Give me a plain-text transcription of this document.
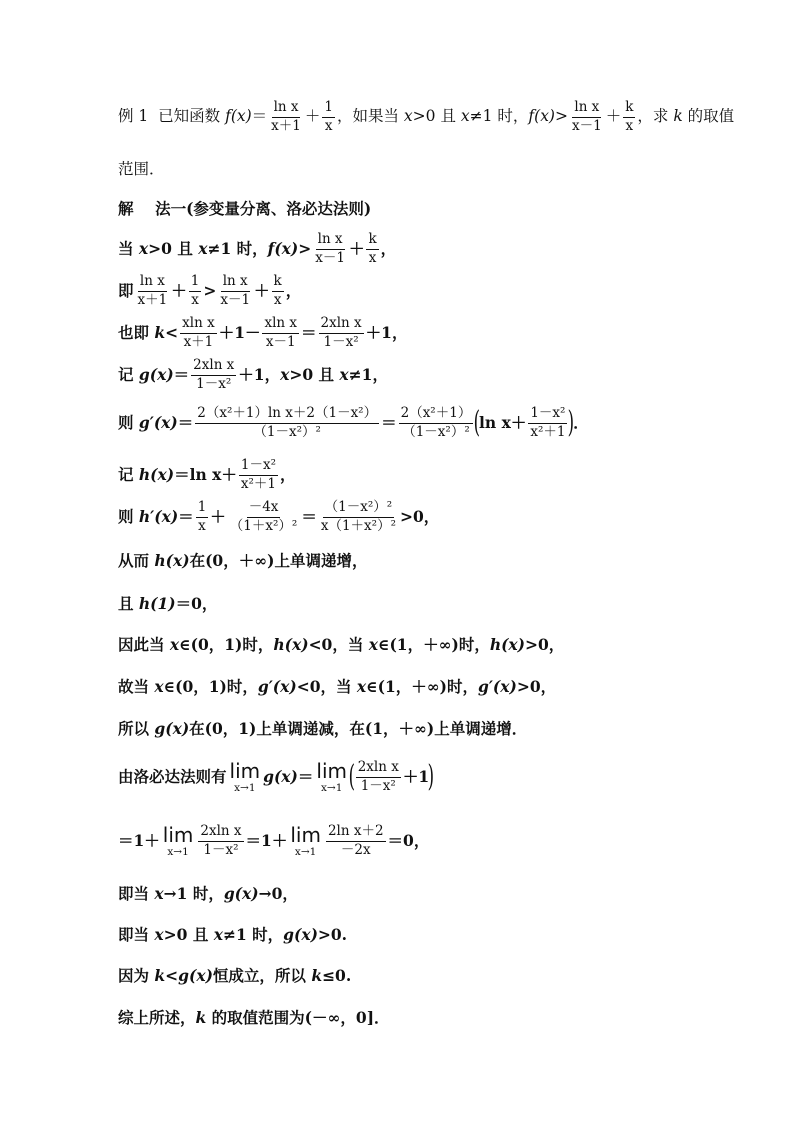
例 1  已知函数 $f(x) = \frac{\text{ln x}}{x+1} + \frac{1}{x}$ ，如果当 x >0 且 x ≠1 时， $f(x) > \frac{\text{ln x}}{x-1} + \frac{k}{x}$ ，求 k 的取值
范围．
解    法一(参变量分离、洛必达法则)
当 x >0 且 x ≠1 时， $f(x) > \frac{\text{ln x}}{x-1} + \frac{k}{x}$ ，
即 $\frac{\text{ln x}}{x+1} + \frac{1}{x} > \frac{\text{ln x}}{x-1} + \frac{k}{x}$ ，
也即 $k < \frac{\text{xln x}}{x+1} +1- \frac{\text{xln x}}{x-1} = \frac{\text{2xln x}}{\text{1－x²}} +1$，
记 $g(x) = \frac{\text{2xln x}}{\text{1－x²}} +1$， x >0 且 x ≠1，
则 $g'(x) = \frac{\text{2（x²＋1）ln x＋2（1－x²）}}{\text{（1－x²）²}} = \frac{\text{2（x²＋1）}}{\text{（1－x²）²}}$ (
$\ln x+ \frac{\text{1－x²}}{\text{x²＋1}}$ )
．
记 h(x) ＝ln $x+ \frac{\text{1－x²}}{\text{x²＋1}}$ ，
则 $h'(x) = \frac{1}{x} + \frac{-4x}{\text{（1＋x²）²}} = \frac{\text{（1－x²）²}}{\text{x（1＋x²）²}} >0$，
从而 h(x) 在(0，＋∞)上单调递增，
且 h(1) ＝0，
因此当 x ∈(0，1)时， h(x) <0，当 x ∈(1，＋∞)时， h(x) >0，
故当 x ∈(0，1)时， g′(x) <0，当 x ∈(1，＋∞)时， g′(x) >0，
所以 g(x) 在(0，1)上单调递减，在(1，＋∞)上单调递增．
由洛必达法则有 lim
x→1
g(x) ＝ lim
x→1 ( $\frac{\text{2xln x}}{\text{1－x²}} +1$
)
＝1＋ lim
$x\to 1 \frac{\text{2xln x}}{\text{1－x²}} =1+ \lim$
$x\to 1 \frac{\text{2ln x＋2}}{-2x} =0$，
即当 x →1 时， g(x) →0，
即当 x >0 且 x ≠1 时， g(x) >0.
因为 k < g(x) 恒成立，所以 k ≤0.
综上所述， k 的取值范围为(－∞，0]．
